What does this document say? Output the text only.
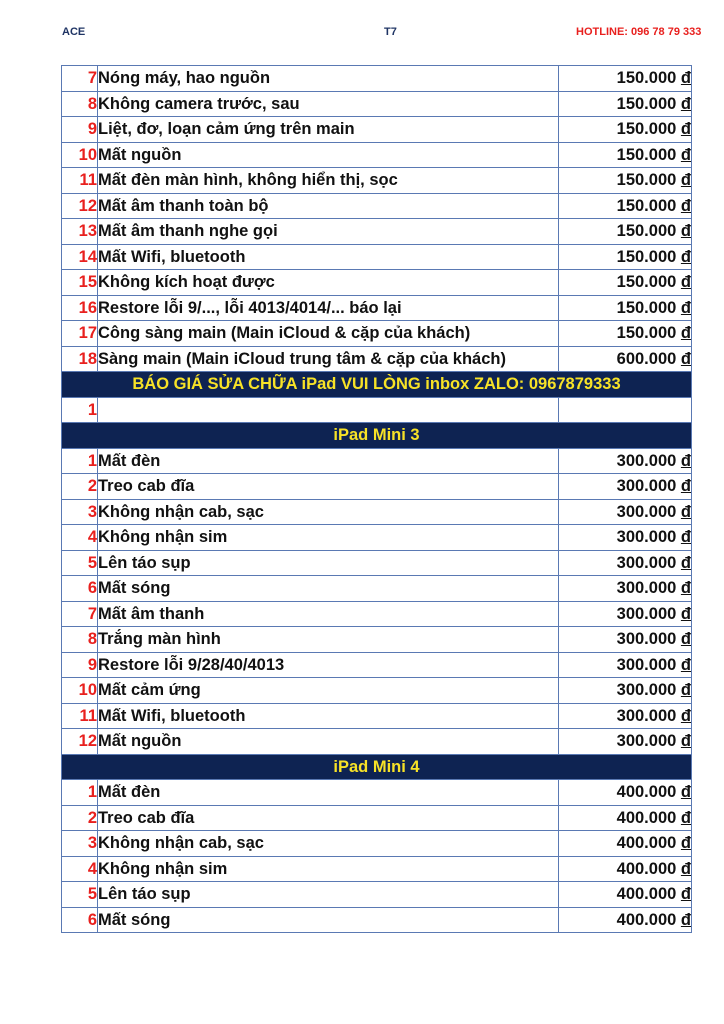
ACE	T7	HOTLINE: 096 78 79 333
7	Nóng máy, hao nguồn	150.000 đ
8	Không camera trước, sau	150.000 đ
9	Liệt, đơ, loạn cảm ứng trên main	150.000 đ
10	Mất nguồn	150.000 đ
11	Mất đèn màn hình, không hiển thị, sọc	150.000 đ
12	Mất âm thanh toàn bộ	150.000 đ
13	Mất âm thanh nghe gọi	150.000 đ
14	Mất Wifi, bluetooth	150.000 đ
15	Không kích hoạt được	150.000 đ
16	Restore lỗi 9/..., lỗi 4013/4014/... báo lại	150.000 đ
17	Công sàng main (Main iCloud & cặp của khách)	150.000 đ
18	Sàng main (Main iCloud trung tâm & cặp của khách)	600.000 đ
BÁO GIÁ SỬA CHỮA iPad VUI LÒNG inbox ZALO: 0967879333		
1		
iPad Mini 3		
1	Mất đèn	300.000 đ
2	Treo cab đĩa	300.000 đ
3	Không nhận cab, sạc	300.000 đ
4	Không nhận sim	300.000 đ
5	Lên táo sụp	300.000 đ
6	Mất sóng	300.000 đ
7	Mất âm thanh	300.000 đ
8	Trắng màn hình	300.000 đ
9	Restore lỗi 9/28/40/4013	300.000 đ
10	Mất cảm ứng	300.000 đ
11	Mất Wifi, bluetooth	300.000 đ
12	Mất nguồn	300.000 đ
iPad Mini 4		
1	Mất đèn	400.000 đ
2	Treo cab đĩa	400.000 đ
3	Không nhận cab, sạc	400.000 đ
4	Không nhận sim	400.000 đ
5	Lên táo sụp	400.000 đ
6	Mất sóng	400.000 đ
